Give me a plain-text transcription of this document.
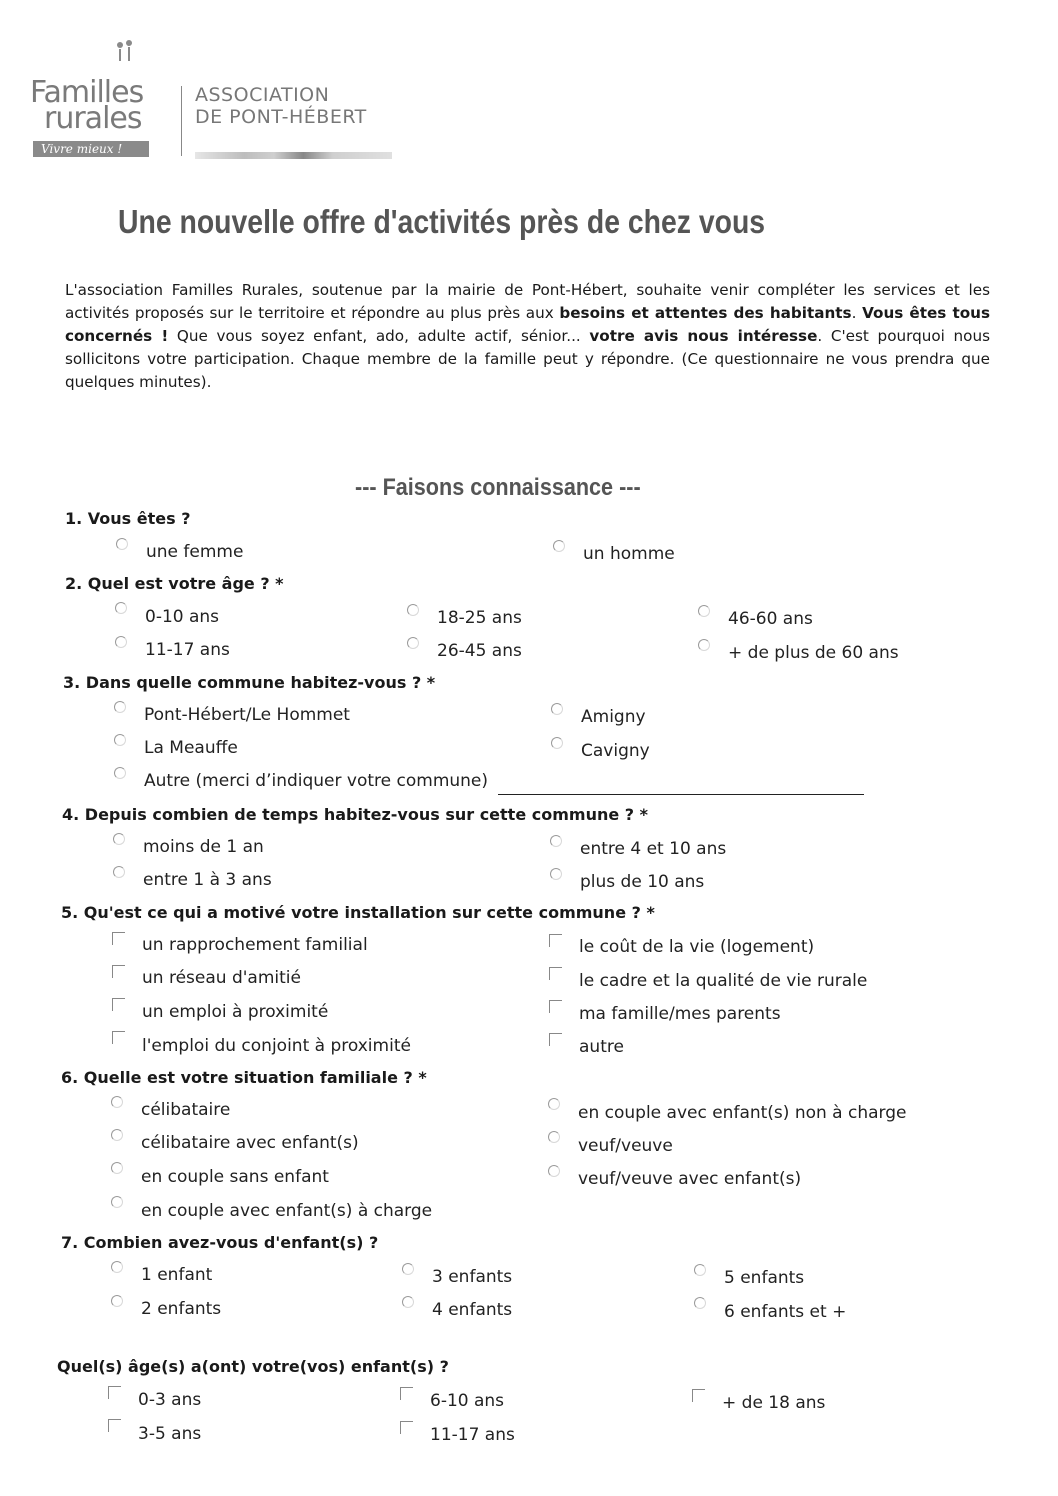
Familles
rurales
Vivre mieux !
ASSOCIATION
DE PONT-HÉBERT
Une nouvelle offre d'activités près de chez vous
L'association Familles Rurales, soutenue par la mairie de Pont-Hébert, souhaite venir compléter les services et les activités proposés sur le territoire et répondre au plus près aux besoins et attentes des habitants. Vous êtes tous concernés ! Que vous soyez enfant, ado, adulte actif, sénior... votre avis nous intéresse. C'est pourquoi nous sollicitons votre participation. Chaque membre de la famille peut y répondre. (Ce questionnaire ne vous prendra que quelques minutes).
--- Faisons connaissance ---
1. Vous êtes ?
une femme	un homme
2. Quel est votre âge ? *
0-10 ans
11-17 ans
18-25 ans
26-45 ans
46-60 ans
+ de plus de 60 ans
3. Dans quelle commune habitez-vous ? *
Pont-Hébert/Le Hommet
La Meauffe
Autre (merci d’indiquer votre commune)
Amigny
Cavigny
4. Depuis combien de temps habitez-vous sur cette commune ? *
moins de 1 an
entre 1 à 3 ans
entre 4 et 10 ans
plus de 10 ans
5. Qu'est ce qui a motivé votre installation sur cette commune ? *
un rapprochement familial
un réseau d'amitié
un emploi à proximité
l'emploi du conjoint à proximité
le coût de la vie (logement)
le cadre et la qualité de vie rurale
ma famille/mes parents
autre
6. Quelle est votre situation familiale ? *
célibataire
célibataire avec enfant(s)
en couple sans enfant
en couple avec enfant(s) à charge
en couple avec enfant(s) non à charge
veuf/veuve
veuf/veuve avec enfant(s)
7. Combien avez-vous d'enfant(s) ?
1 enfant
2 enfants
3 enfants
4 enfants
5 enfants
6 enfants et +
Quel(s) âge(s) a(ont) votre(vos) enfant(s) ?
0-3 ans
3-5 ans
6-10 ans
11-17 ans
+ de 18 ans
